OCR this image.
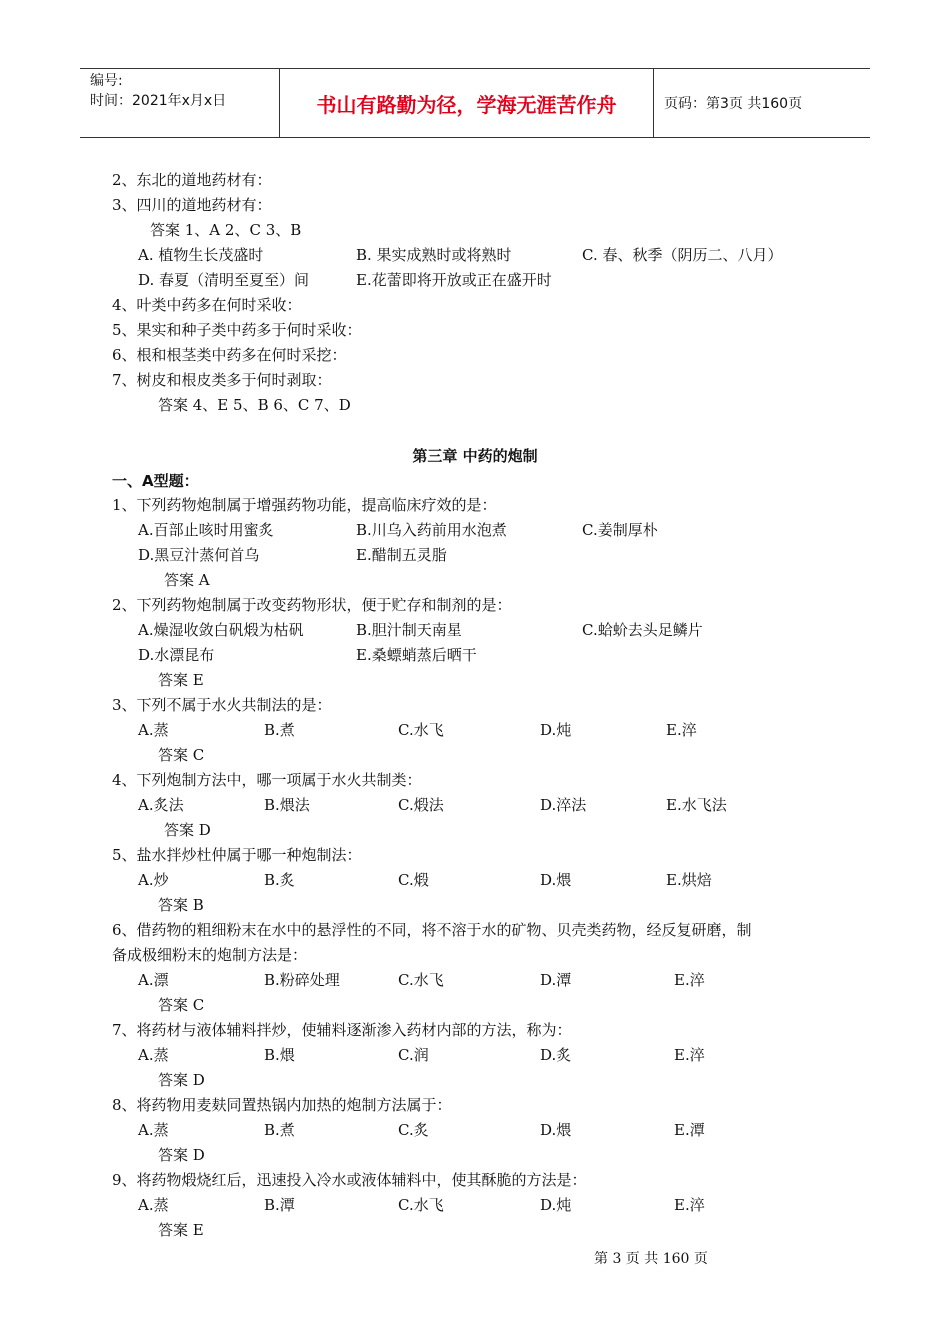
编号:
时间：2021年x月x日	书山有路勤为径，学海无涯苦作舟	页码：第3页 共160页
2、东北的道地药材有：
3、四川的道地药材有：
答案 1、A 2、C 3、B
A. 植物生长茂盛时	B. 果实成熟时或将熟时	C. 春、秋季（阴历二、八月）
D. 春夏（清明至夏至）间	E.花蕾即将开放或正在盛开时
4、叶类中药多在何时采收：
5、果实和种子类中药多于何时采收：
6、根和根茎类中药多在何时采挖：
7、树皮和根皮类多于何时剥取：
答案 4、E 5、B 6、C 7、D
第三章 中药的炮制
一、A型题：
1、下列药物炮制属于增强药物功能，提高临床疗效的是：
A.百部止咳时用蜜炙	B.川乌入药前用水泡煮	C.姜制厚朴
D.黑豆汁蒸何首乌	E.醋制五灵脂
答案 A
2、下列药物炮制属于改变药物形状，便于贮存和制剂的是：
A.燥湿收敛白矾煅为枯矾	B.胆汁制天南星	C.蛤蚧去头足鳞片
D.水漂昆布	E.桑螵蛸蒸后晒干
答案 E
3、下列不属于水火共制法的是：
A.蒸	B.煮	C.水飞	D.炖	E.淬
答案 C
4、下列炮制方法中，哪一项属于水火共制类：
A.炙法	B.煨法	C.煅法	D.淬法	E.水飞法
答案 D
5、盐水拌炒杜仲属于哪一种炮制法：
A.炒	B.炙	C.煅	D.煨	E.烘焙
答案 B
6、借药物的粗细粉末在水中的悬浮性的不同，将不溶于水的矿物、贝壳类药物，经反复研磨，制
备成极细粉末的炮制方法是：
A.漂	B.粉碎处理	C.水飞	D.潭	E.淬
答案 C
7、将药材与液体辅料拌炒，使辅料逐渐渗入药材内部的方法，称为：
A.蒸	B.煨	C.润	D.炙	E.淬
答案 D
8、将药物用麦麸同置热锅内加热的炮制方法属于：
A.蒸	B.煮	C.炙	D.煨	E.潭
答案 D
9、将药物煅烧红后，迅速投入冷水或液体辅料中，使其酥脆的方法是：
A.蒸	B.潭	C.水飞	D.炖	E.淬
答案 E
第 3 页 共 160 页
